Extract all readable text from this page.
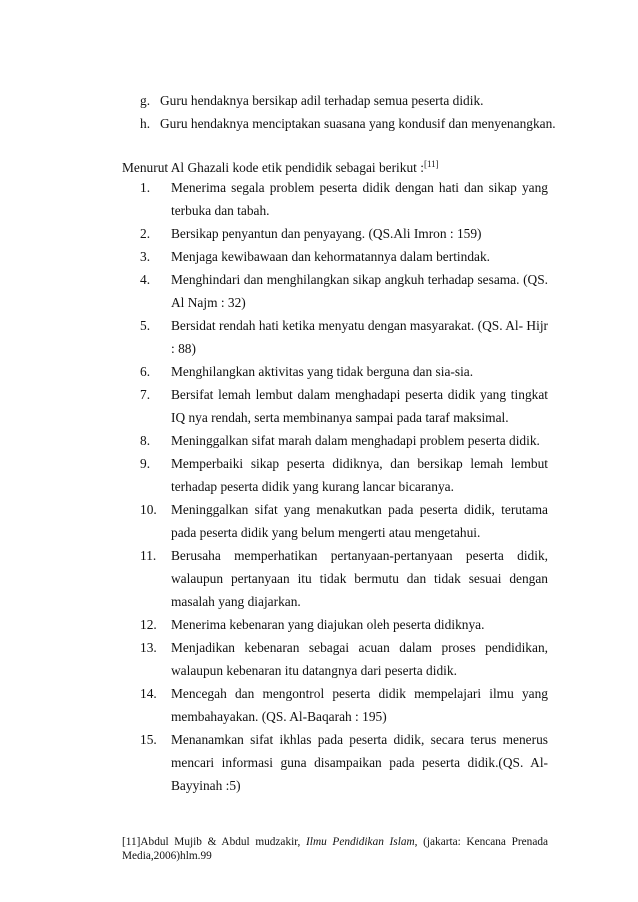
g. Guru hendaknya bersikap adil terhadap semua peserta didik.
h. Guru hendaknya menciptakan suasana yang kondusif dan menyenangkan.
Menurut Al Ghazali kode etik pendidik sebagai berikut :[11]
1. Menerima segala problem peserta didik dengan hati dan sikap yang terbuka dan tabah.
2. Bersikap penyantun dan penyayang. (QS.Ali Imron : 159)
3. Menjaga kewibawaan dan kehormatannya dalam bertindak.
4. Menghindari dan menghilangkan sikap angkuh terhadap sesama. (QS. Al Najm : 32)
5. Bersidat rendah hati ketika menyatu dengan masyarakat. (QS. Al- Hijr : 88)
6. Menghilangkan aktivitas yang tidak berguna dan sia-sia.
7. Bersifat lemah lembut dalam menghadapi peserta didik yang tingkat IQ nya rendah, serta membinanya sampai pada taraf maksimal.
8. Meninggalkan sifat marah dalam menghadapi problem peserta didik.
9. Memperbaiki sikap peserta didiknya, dan bersikap lemah lembut terhadap peserta didik yang kurang lancar bicaranya.
10. Meninggalkan sifat yang menakutkan pada peserta didik, terutama pada peserta didik yang belum mengerti atau mengetahui.
11. Berusaha memperhatikan pertanyaan-pertanyaan peserta didik, walaupun pertanyaan itu tidak bermutu dan tidak sesuai dengan masalah yang diajarkan.
12. Menerima kebenaran yang diajukan oleh peserta didiknya.
13. Menjadikan kebenaran sebagai acuan dalam proses pendidikan, walaupun kebenaran itu datangnya dari peserta didik.
14. Mencegah dan mengontrol peserta didik mempelajari ilmu yang membahayakan. (QS. Al-Baqarah : 195)
15. Menanamkan sifat ikhlas pada peserta didik, secara terus menerus mencari informasi guna disampaikan pada peserta didik.(QS. Al-Bayyinah :5)
[11]Abdul Mujib & Abdul mudzakir, Ilmu Pendidikan Islam, (jakarta: Kencana Prenada Media,2006)hlm.99
